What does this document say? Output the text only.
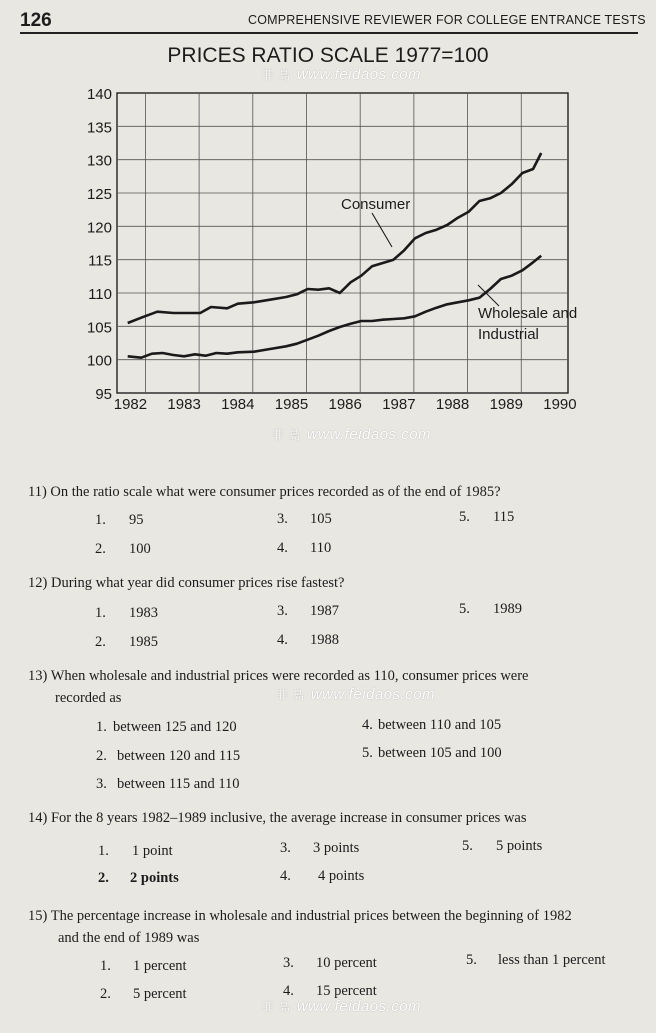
126	COMPREHENSIVE REVIEWER FOR COLLEGE ENTRANCE TESTS
PRICES RATIO SCALE 1977=100
菲 島 www.feidaos.com
140
135
130
125
120
115
110
105
100
95
1982 1983 1984 1985 1986 1987 1988 1989 1990
Consumer
Wholesale and
Industrial
菲 島 www.feidaos.com
11) On the ratio scale what were consumer prices recorded as of the end of 1985?
1. 95
2. 100
3. 105
4. 110
5. 115
12) During what year did consumer prices rise fastest?
1. 1983
2. 1985
3. 1987
4. 1988
5. 1989
13) When wholesale and industrial prices were recorded as 110, consumer prices were
recorded as	菲 島 www.feidaos.com
1. between 125 and 120
2. between 120 and 115
3. between 115 and 110
4. between 110 and 105
5. between 105 and 100
14) For the 8 years 1982–1989 inclusive, the average increase in consumer prices was
1. 1 point
2. 2 points
3. 3 points
4. 4 points
5. 5 points
15) The percentage increase in wholesale and industrial prices between the beginning of 1982
and the end of 1989 was
1. 1 percent
2. 5 percent
3. 10 percent
4. 15 percent
5. less than 1 percent
菲 島 www.feidaos.com
